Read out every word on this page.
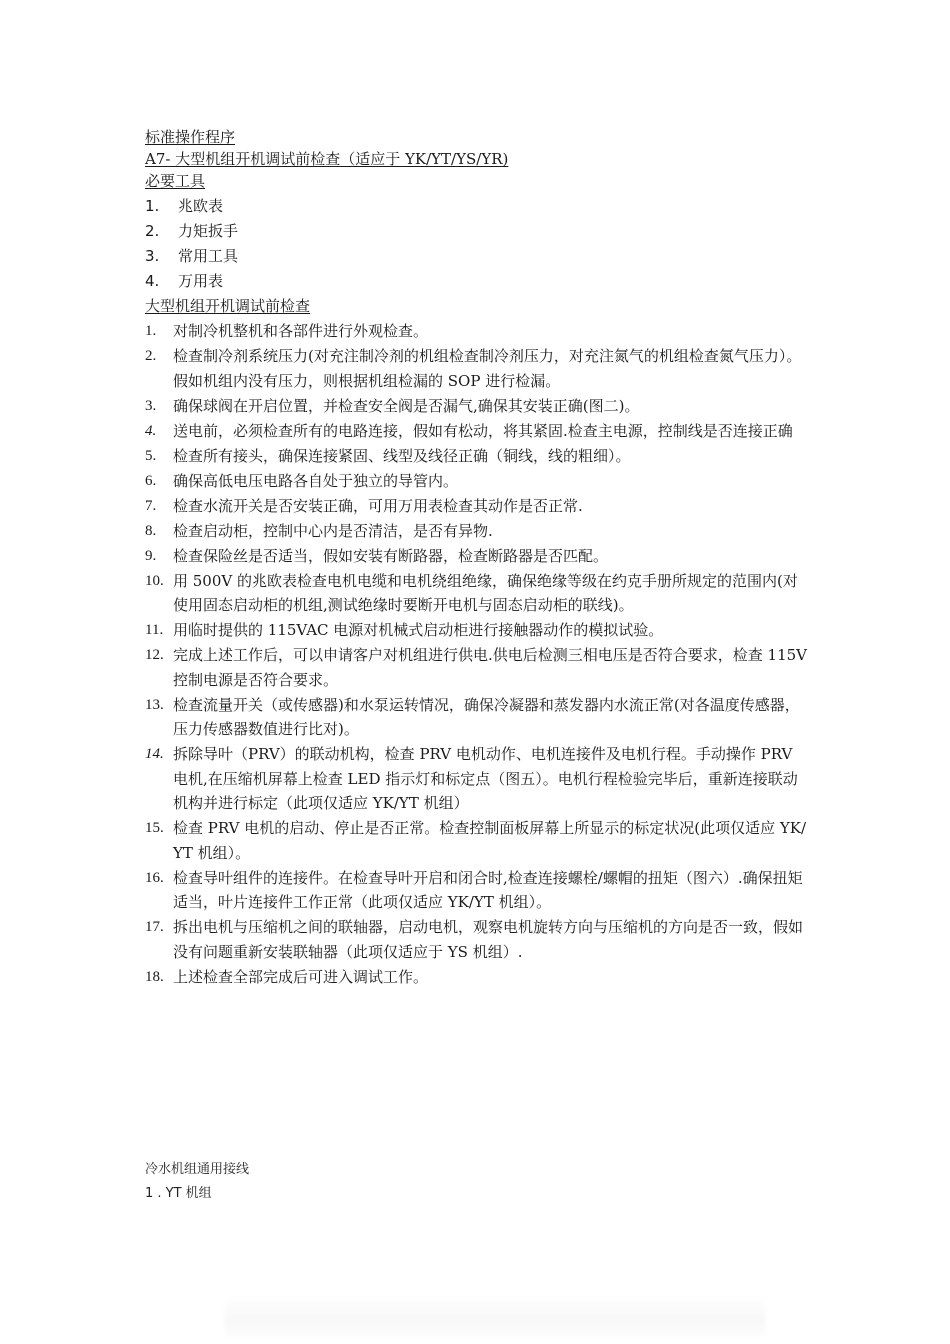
标准操作程序
A7- 大型机组开机调试前检查（适应于 YK/YT/YS/YR)
必要工具
1.	兆欧表
2.	力矩扳手
3.	常用工具
4.	万用表
大型机组开机调试前检查
1.	对制冷机整机和各部件进行外观检查。
2.	检查制冷剂系统压力(对充注制冷剂的机组检查制冷剂压力，对充注氮气的机组检查氮气压力）。假如机组内没有压力，则根据机组检漏的 SOP 进行检漏。
3.	确保球阀在开启位置，并检查安全阀是否漏气,确保其安装正确(图二)。
4.	送电前，必须检查所有的电路连接，假如有松动，将其紧固.检查主电源，控制线是否连接正确
5.	检查所有接头，确保连接紧固、线型及线径正确（铜线，线的粗细）。
6.	确保高低电压电路各自处于独立的导管内。
7.	检查水流开关是否安装正确，可用万用表检查其动作是否正常.
8.	检查启动柜，控制中心内是否清洁，是否有异物.
9.	检查保险丝是否适当，假如安装有断路器，检查断路器是否匹配。
10. 用 500V 的兆欧表检查电机电缆和电机绕组绝缘，确保绝缘等级在约克手册所规定的范围内(对使用固态启动柜的机组,测试绝缘时要断开电机与固态启动柜的联线)。
11. 用临时提供的 115VAC 电源对机械式启动柜进行接触器动作的模拟试验。
12. 完成上述工作后，可以申请客户对机组进行供电.供电后检测三相电压是否符合要求，检查 115V 控制电源是否符合要求。
13. 检查流量开关（或传感器)和水泵运转情况，确保冷凝器和蒸发器内水流正常(对各温度传感器，压力传感器数值进行比对)。
14. 拆除导叶（PRV）的联动机构，检查 PRV 电机动作、电机连接件及电机行程。手动操作 PRV 电机,在压缩机屏幕上检查 LED 指示灯和标定点（图五）。电机行程检验完毕后，重新连接联动机构并进行标定（此项仅适应 YK/YT 机组）
15. 检查 PRV 电机的启动、停止是否正常。检查控制面板屏幕上所显示的标定状况(此项仅适应 YK/YT 机组）。
16. 检查导叶组件的连接件。在检查导叶开启和闭合时,检查连接螺栓/螺帽的扭矩（图六）.确保扭矩适当，叶片连接件工作正常（此项仅适应 YK/YT 机组）。
17. 拆出电机与压缩机之间的联轴器，启动电机，观察电机旋转方向与压缩机的方向是否一致，假如没有问题重新安装联轴器（此项仅适应于 YS 机组）.
18. 上述检查全部完成后可进入调试工作。
冷水机组通用接线
1 . YT 机组
